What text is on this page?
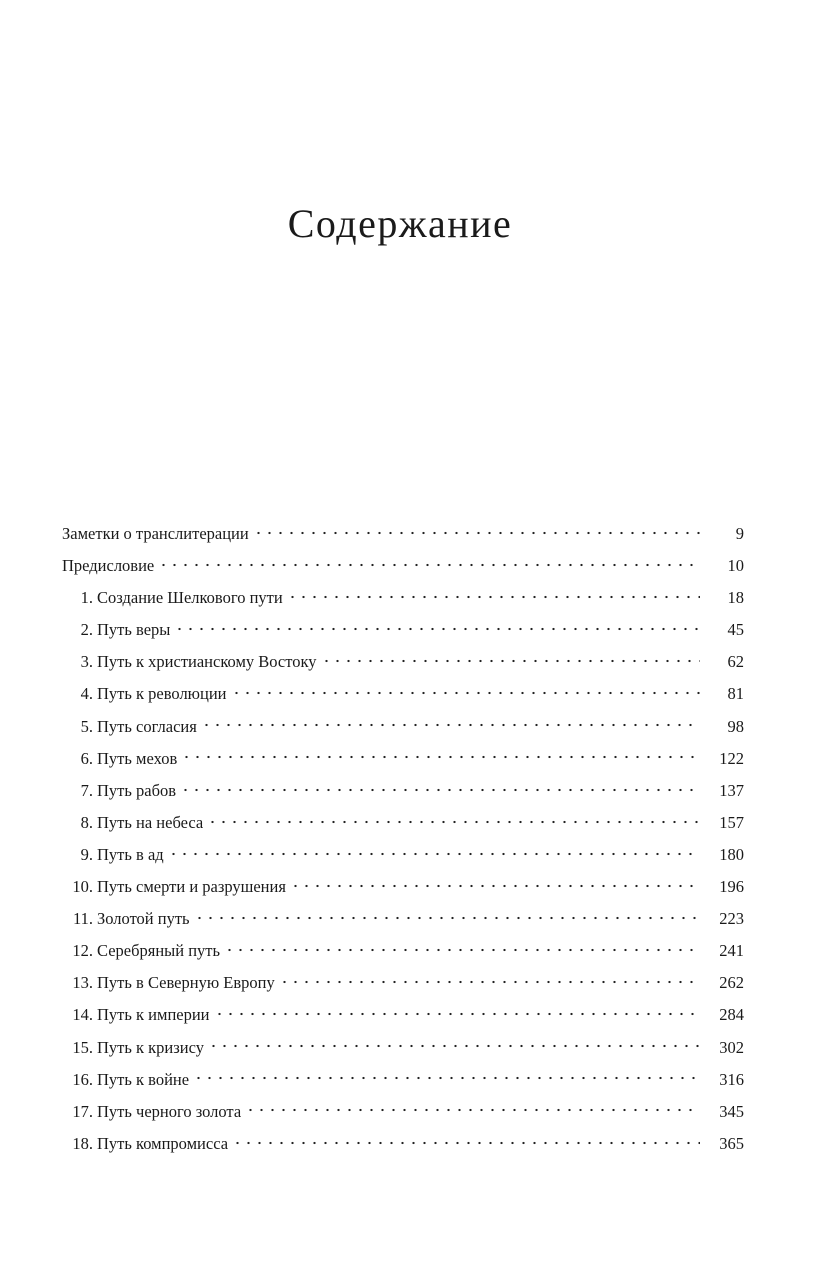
Содержание
Заметки о транслитерации	9
Предисловие	10
1. Создание Шелкового пути	18
2. Путь веры	45
3. Путь к христианскому Востоку	62
4. Путь к революции	81
5. Путь согласия	98
6. Путь мехов	122
7. Путь рабов	137
8. Путь на небеса	157
9. Путь в ад	180
10. Путь смерти и разрушения	196
11. Золотой путь	223
12. Серебряный путь	241
13. Путь в Северную Европу	262
14. Путь к империи	284
15. Путь к кризису	302
16. Путь к войне	316
17. Путь черного золота	345
18. Путь компромисса	365
